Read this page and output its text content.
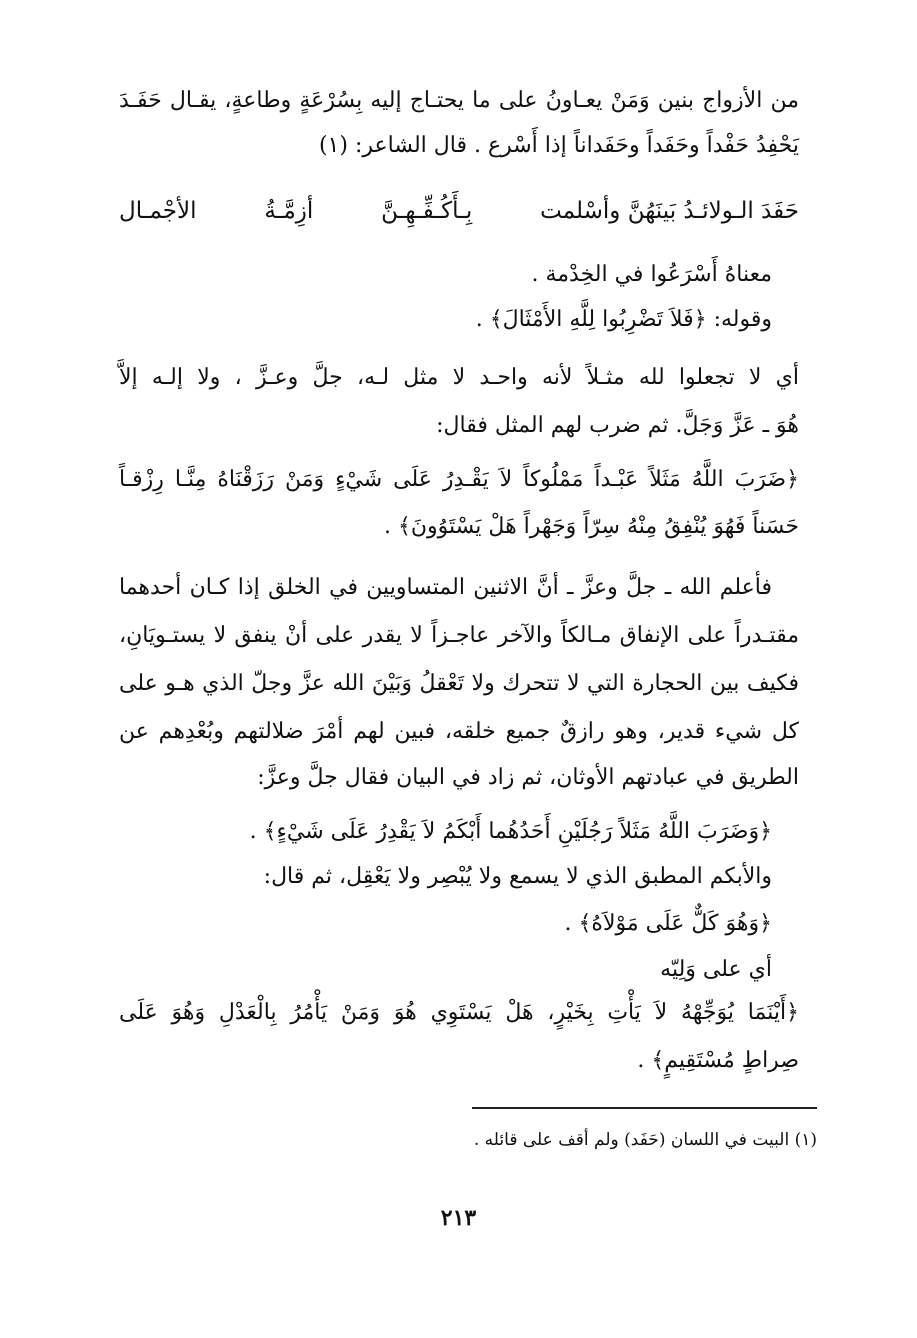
من الأزواج بنين وَمَنْ يعـاونُ على ما يحتـاج إليه بِسُرْعَةٍ وطاعةٍ، يقـال حَفَـدَ
يَحْفِدُ حَفْداً وحَفَداً وحَفَداناً إذا أَسْرع . قال الشاعر: (١)
حَفَدَ الـولائـدُ بَينَهُنَّ وأسْلمت
بِـأَكُـفِّـهِـنَّ
أزِمَّـةُ
الأجْمـال
معناهُ أَسْرَعُوا في الخِدْمة .
وقوله: ﴿فَلاَ تَضْرِبُوا لِلَّهِ الأَمْثَالَ﴾ .
أي لا تجعلوا لله مثـلاً لأنه واحـد لا مثل لـه، جلَّ وعـزَّ ، ولا إلـه إلاَّ
هُوَ ـ عَزَّ وَجَلَّ. ثم ضرب لهم المثل فقال:
﴿ضَرَبَ اللَّهُ مَثَلاً عَبْـداً مَمْلُوكاً لاَ يَقْـدِرُ عَلَى شَيْءٍ وَمَنْ رَزَقْنَاهُ مِنَّـا رِزْقـاً
حَسَناً فَهُوَ يُنْفِقُ مِنْهُ سِرّاً وَجَهْراً هَلْ يَسْتَوُونَ﴾ .
فأعلم الله ـ جلَّ وعزَّ ـ أنَّ الاثنين المتساويين في الخلق إذا كـان أحدهما
مقتـدراً على الإنفاق مـالكاً والآخر عاجـزاً لا يقدر على أنْ ينفق لا يستـويَانِ،
فكيف بين الحجارة التي لا تتحرك ولا تَعْقلُ وَبَيْنَ الله عزَّ وجلّ الذي هـو على
كل شيء قدير، وهو رازقٌ جميع خلقه، فبين لهم أمْرَ ضلالتهم وبُعْدِهم عن
الطريق في عبادتهم الأوثان، ثم زاد في البيان فقال جلَّ وعزَّ:
﴿وَضَرَبَ اللَّهُ مَثَلاً رَجُلَيْنِ أَحَدُهُما أَبْكَمُ لاَ يَقْدِرُ عَلَى شَيْءٍ﴾ .
والأبكم المطبق الذي لا يسمع ولا يُبْصِر ولا يَعْقِل، ثم قال:
﴿وَهُوَ كَلٌّ عَلَى مَوْلاَهُ﴾ .
أي على وَلِيّه
﴿أَيْنَمَا يُوَجِّهْهُ لاَ يَأْتِ بِخَيْرٍ، هَلْ يَسْتَوِي هُوَ وَمَنْ يَأْمُرُ بِالْعَدْلِ وَهُوَ عَلَى
صِراطٍ مُسْتَقِيمٍ﴾ .
(١) البيت في اللسان (حَفَد) ولم أقف على قائله .
٢١٣
